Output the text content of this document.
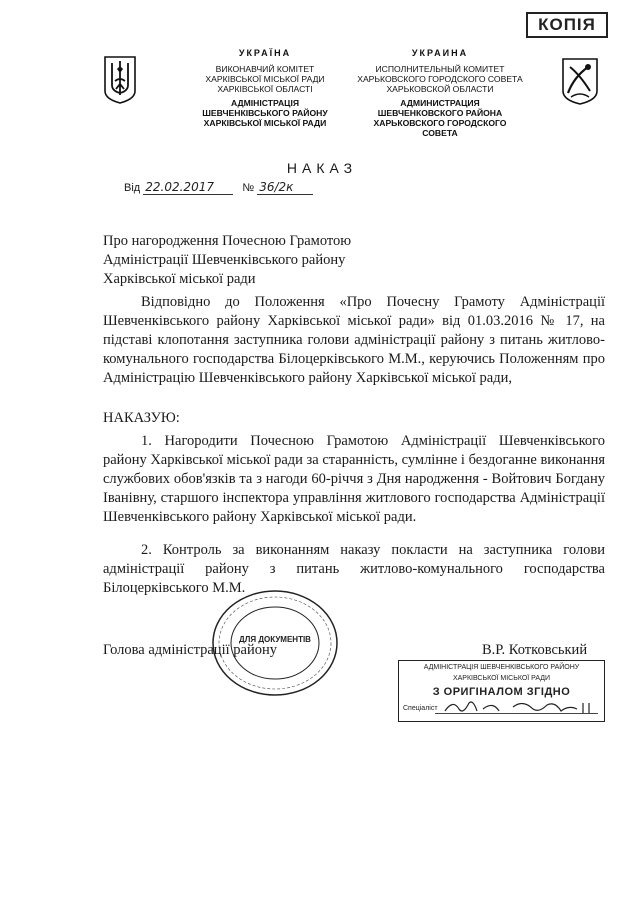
КОПІЯ
УКРАЇНА
ВИКОНАВЧИЙ КОМІТЕТ
ХАРКІВСЬКОЇ МІСЬКОЇ РАДИ
ХАРКІВСЬКОЇ ОБЛАСТІ
АДМІНІСТРАЦІЯ
ШЕВЧЕНКІВСЬКОГО РАЙОНУ
ХАРКІВСЬКОЇ МІСЬКОЇ РАДИ
УКРАИНА
ИСПОЛНИТЕЛЬНЫЙ КОМИТЕТ
ХАРЬКОВСКОГО ГОРОДСКОГО СОВЕТА
ХАРЬКОВСКОЙ ОБЛАСТИ
АДМИНИСТРАЦИЯ
ШЕВЧЕНКОВСКОГО РАЙОНА
ХАРЬКОВСКОГО ГОРОДСКОГО СОВЕТА
НАКАЗ
Від 22.02.2017	№ 36/2к
Про нагородження Почесною Грамотою
Адміністрації Шевченківського району
Харківської міської ради
Відповідно до Положення «Про Почесну Грамоту Адміністрації Шевченківського району Харківської міської ради» від 01.03.2016 № 17, на підставі клопотання заступника голови адміністрації району з питань житлово-комунального господарства Білоцерківського М.М., керуючись Положенням про Адміністрацію Шевченківського району Харківської міської ради,
НАКАЗУЮ:
1. Нагородити Почесною Грамотою Адміністрації Шевченківського району Харківської міської ради за старанність, сумлінне і бездоганне виконання службових обов'язків та з нагоди 60-річчя з Дня народження - Войтович Богдану Іванівну, старшого інспектора управління житлового господарства Адміністрації Шевченківського району Харківської міської ради.
2. Контроль за виконанням наказу покласти на заступника голови адміністрації району з питань житлово-комунального господарства Білоцерківського М.М.
Голова адміністрації району	В.Р. Котковський
ДЛЯ ДОКУМЕНТІВ
АДМІНІСТРАЦІЯ ШЕВЧЕНКІВСЬКОГО РАЙОНУ
ХАРКІВСЬКОЇ МІСЬКОЇ РАДИ
З ОРИГІНАЛОМ ЗГІДНО
Спеціаліст
